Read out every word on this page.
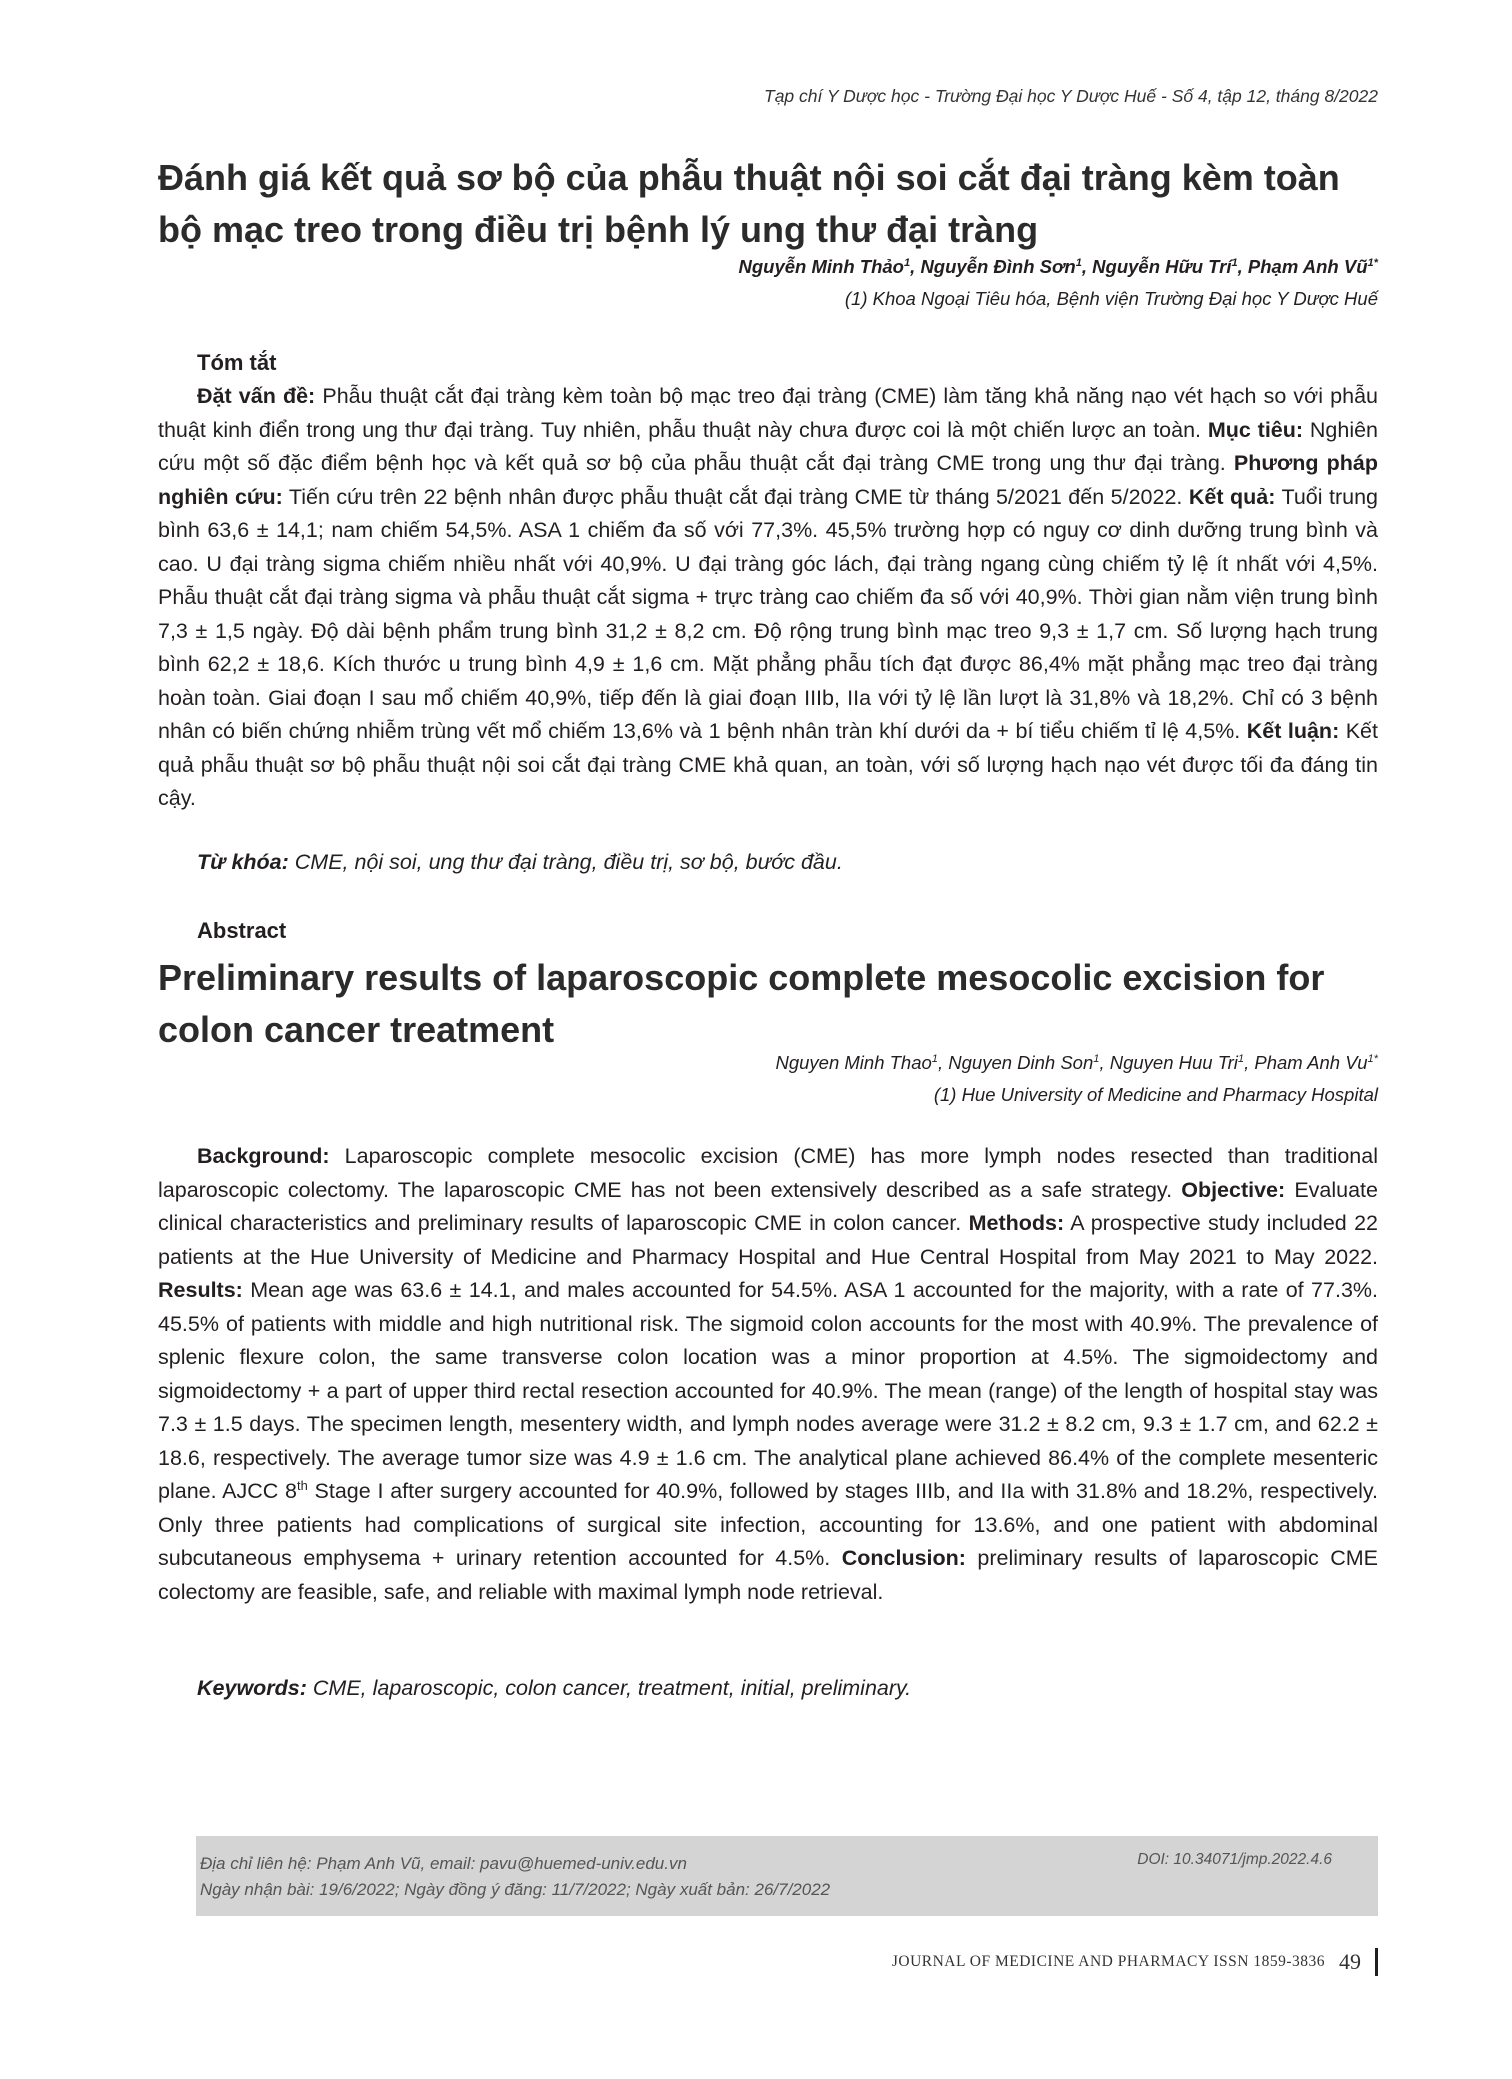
Tạp chí Y Dược học - Trường Đại học Y Dược Huế - Số 4, tập 12, tháng 8/2022
Đánh giá kết quả sơ bộ của phẫu thuật nội soi cắt đại tràng kèm toàn bộ mạc treo trong điều trị bệnh lý ung thư đại tràng
Nguyễn Minh Thảo$^1$, Nguyễn Đình Sơn$^1$, Nguyễn Hữu Trí$^1$, Phạm Anh $Vũ^{1*}$
(1) Khoa Ngoại Tiêu hóa, Bệnh viện Trường Đại học Y Dược Huế
Tóm tắt
Đặt vấn đề: Phẫu thuật cắt đại tràng kèm toàn bộ mạc treo đại tràng (CME) làm tăng khả năng nạo vét hạch so với phẫu thuật kinh điển trong ung thư đại tràng. Tuy nhiên, phẫu thuật này chưa được coi là một chiến lược an toàn. Mục tiêu: Nghiên cứu một số đặc điểm bệnh học và kết quả sơ bộ của phẫu thuật cắt đại tràng CME trong ung thư đại tràng. Phương pháp nghiên cứu: Tiến cứu trên 22 bệnh nhân được phẫu thuật cắt đại tràng CME từ tháng 5/2021 đến 5/2022. Kết quả: Tuổi trung bình 63,6 ± 14,1; nam chiếm 54,5%. ASA 1 chiếm đa số với 77,3%. 45,5% trường hợp có nguy cơ dinh dưỡng trung bình và cao. U đại tràng sigma chiếm nhiều nhất với 40,9%. U đại tràng góc lách, đại tràng ngang cùng chiếm tỷ lệ ít nhất với 4,5%. Phẫu thuật cắt đại tràng sigma và phẫu thuật cắt sigma + trực tràng cao chiếm đa số với 40,9%. Thời gian nằm viện trung bình 7,3 ± 1,5 ngày. Độ dài bệnh phẩm trung bình 31,2 ± 8,2 cm. Độ rộng trung bình mạc treo 9,3 ± 1,7 cm. Số lượng hạch trung bình 62,2 ± 18,6. Kích thước u trung bình 4,9 ± 1,6 cm. Mặt phẳng phẫu tích đạt được 86,4% mặt phẳng mạc treo đại tràng hoàn toàn. Giai đoạn I sau mổ chiếm 40,9%, tiếp đến là giai đoạn IIIb, IIa với tỷ lệ lần lượt là 31,8% và 18,2%. Chỉ có 3 bệnh nhân có biến chứng nhiễm trùng vết mổ chiếm 13,6% và 1 bệnh nhân tràn khí dưới da + bí tiểu chiếm tỉ lệ 4,5%. Kết luận: Kết quả phẫu thuật sơ bộ phẫu thuật nội soi cắt đại tràng CME khả quan, an toàn, với số lượng hạch nạo vét được tối đa đáng tin cậy.
Từ khóa: CME, nội soi, ung thư đại tràng, điều trị, sơ bộ, bước đầu.
Abstract
Preliminary results of laparoscopic complete mesocolic excision for colon cancer treatment
Nguyen Minh Thao$^1$, Nguyen Dinh Son$^1$, Nguyen Huu Tri$^1$, Pham Anh $Vu^{1*}$
(1) Hue University of Medicine and Pharmacy Hospital
Background: Laparoscopic complete mesocolic excision (CME) has more lymph nodes resected than traditional laparoscopic colectomy. The laparoscopic CME has not been extensively described as a safe strategy. Objective: Evaluate clinical characteristics and preliminary results of laparoscopic CME in colon cancer. Methods: A prospective study included 22 patients at the Hue University of Medicine and Pharmacy Hospital and Hue Central Hospital from May 2021 to May 2022. Results: Mean age was 63.6 ± 14.1, and males accounted for 54.5%. ASA 1 accounted for the majority, with a rate of 77.3%. 45.5% of patients with middle and high nutritional risk. The sigmoid colon accounts for the most with 40.9%. The prevalence of splenic flexure colon, the same transverse colon location was a minor proportion at 4.5%. The sigmoidectomy and sigmoidectomy + a part of upper third rectal resection accounted for 40.9%. The mean (range) of the length of hospital stay was 7.3 ± 1.5 days. The specimen length, mesentery width, and lymph nodes average were 31.2 ± 8.2 cm, 9.3 ± 1.7 cm, and 62.2 ± 18.6, respectively. The average tumor size was 4.9 ± 1.6 cm. The analytical plane achieved 86.4% of the complete mesenteric plane. AJCC 8th Stage I after surgery accounted for 40.9%, followed by stages IIIb, and IIa with 31.8% and 18.2%, respectively. Only three patients had complications of surgical site infection, accounting for 13.6%, and one patient with abdominal subcutaneous emphysema + urinary retention accounted for 4.5%. Conclusion: preliminary results of laparoscopic CME colectomy are feasible, safe, and reliable with maximal lymph node retrieval.
Keywords: CME, laparoscopic, colon cancer, treatment, initial, preliminary.
Địa chỉ liên hệ: Phạm Anh Vũ, email: pavu@huemed-univ.edu.vn
Ngày nhận bài: 19/6/2022; Ngày đồng ý đăng: 11/7/2022; Ngày xuất bản: 26/7/2022
DOI: 10.34071/jmp.2022.4.6
JOURNAL OF MEDICINE AND PHARMACY ISSN 1859-3836 49
